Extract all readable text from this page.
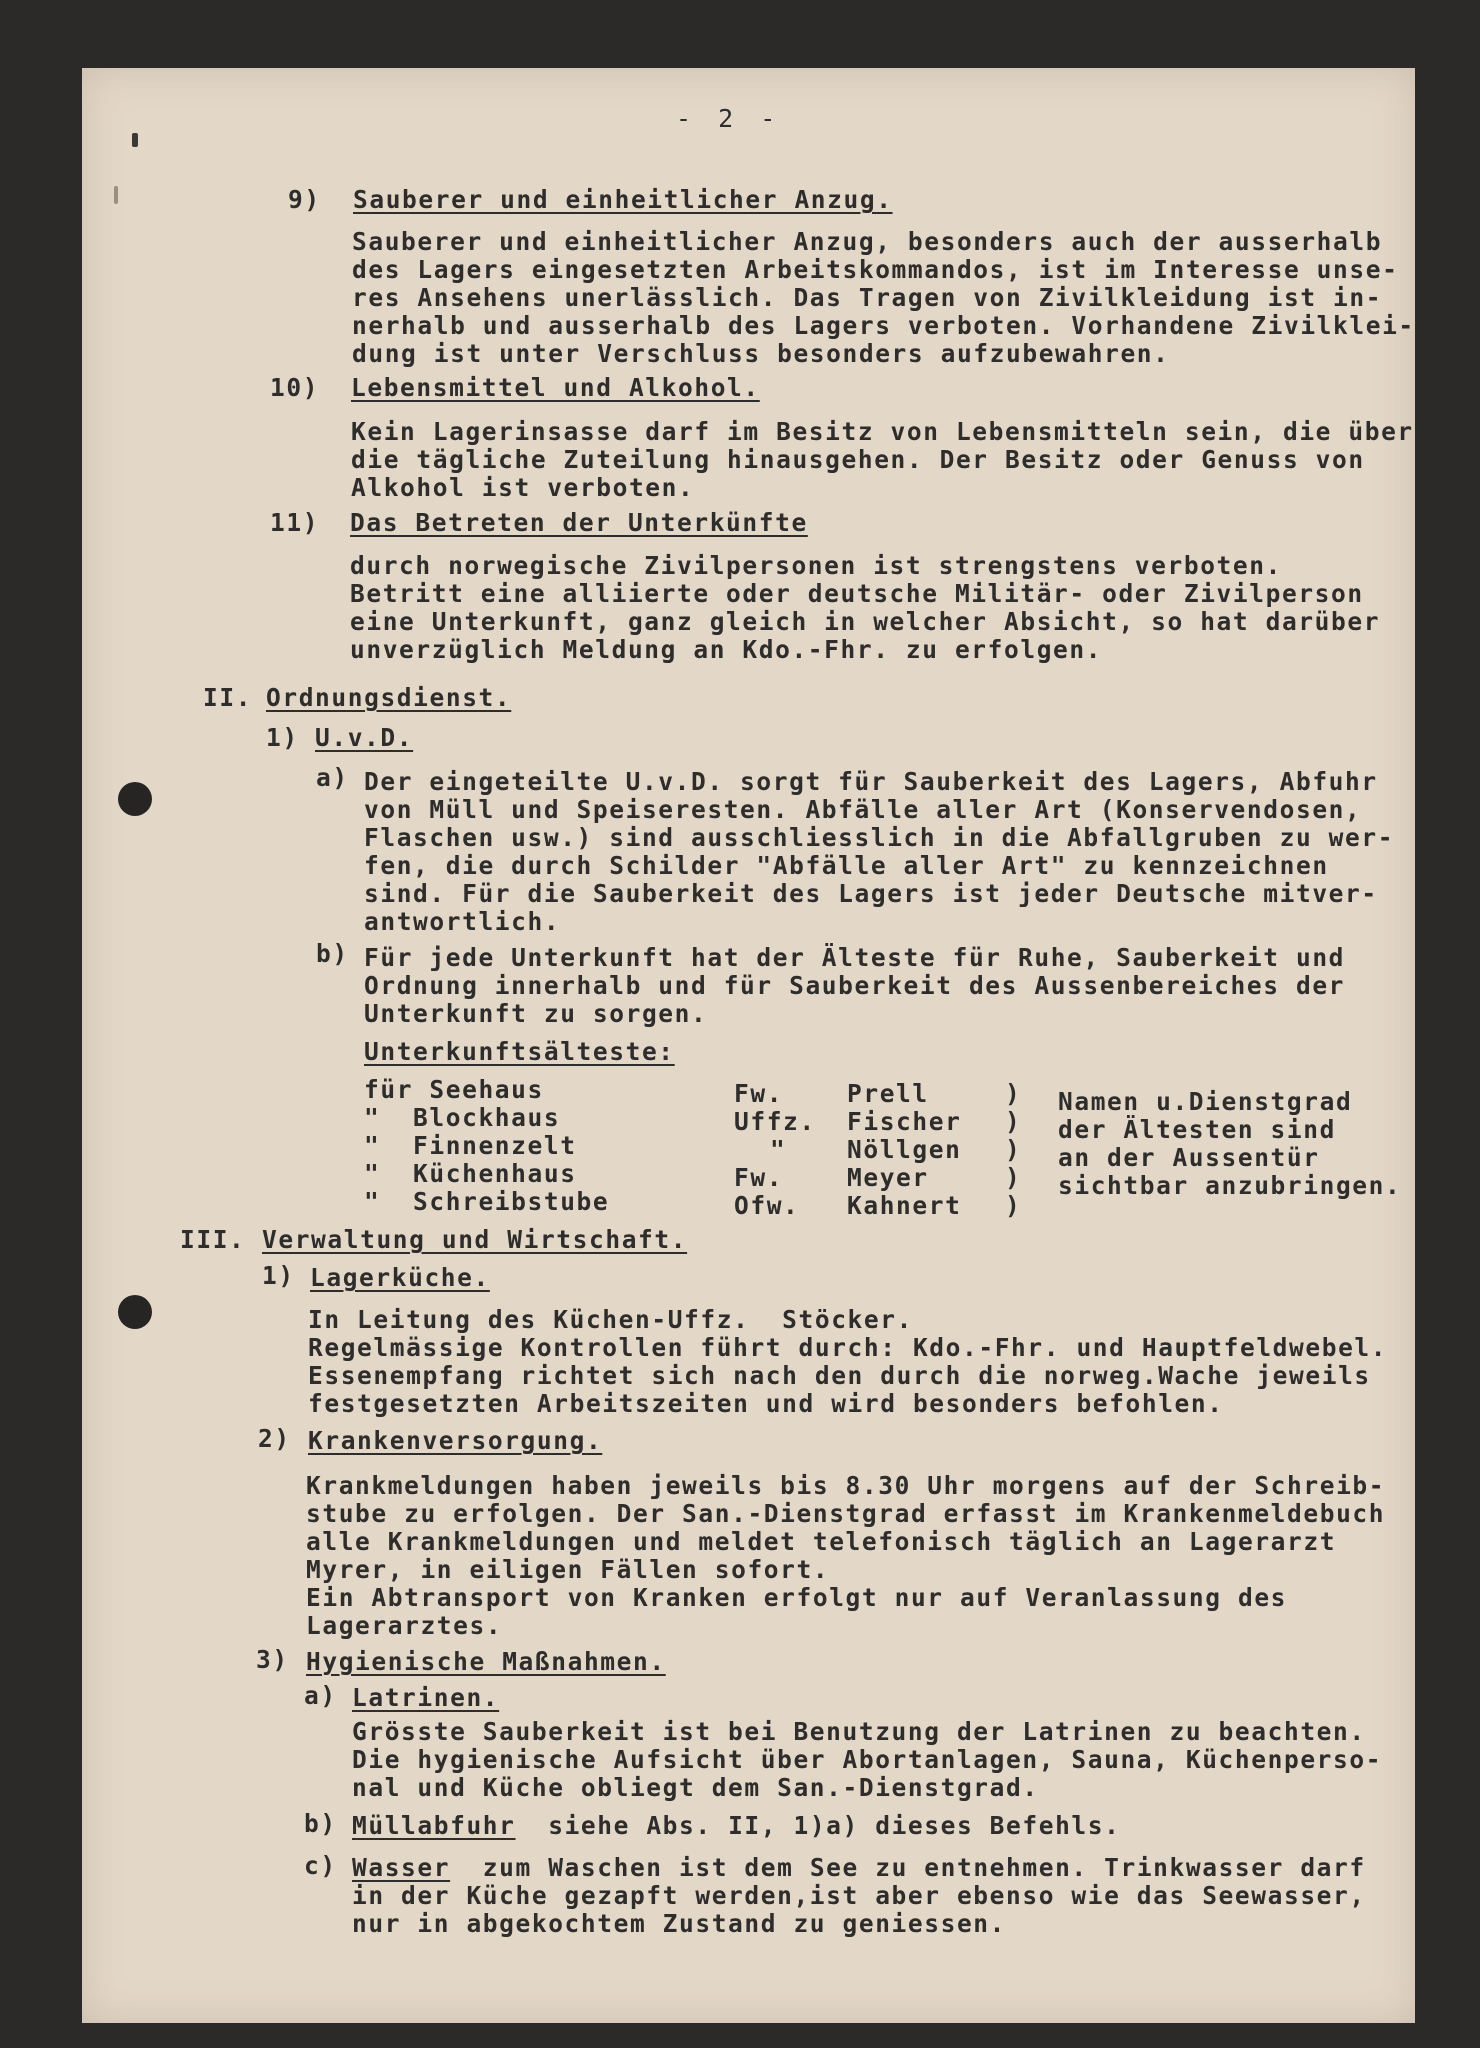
- 2 -
9) Sauberer und einheitlicher Anzug.
Sauberer und einheitlicher Anzug, besonders auch der ausserhalb
des Lagers eingesetzten Arbeitskommandos, ist im Interesse unse-
res Ansehens unerlässlich. Das Tragen von Zivilkleidung ist in-
nerhalb und ausserhalb des Lagers verboten. Vorhandene Zivilklei-
dung ist unter Verschluss besonders aufzubewahren.
10) Lebensmittel und Alkohol.
Kein Lagerinsasse darf im Besitz von Lebensmitteln sein, die über
die tägliche Zuteilung hinausgehen. Der Besitz oder Genuss von
Alkohol ist verboten.
11) Das Betreten der Unterkünfte
durch norwegische Zivilpersonen ist strengstens verboten.
Betritt eine alliierte oder deutsche Militär- oder Zivilperson
eine Unterkunft, ganz gleich in welcher Absicht, so hat darüber
unverzüglich Meldung an Kdo.-Fhr. zu erfolgen.
II. Ordnungsdienst.
1) U.v.D.
a) Der eingeteilte U.v.D. sorgt für Sauberkeit des Lagers, Abfuhr
von Müll und Speiseresten. Abfälle aller Art (Konservendosen,
Flaschen usw.) sind ausschliesslich in die Abfallgruben zu wer-
fen, die durch Schilder "Abfälle aller Art" zu kennzeichnen
sind. Für die Sauberkeit des Lagers ist jeder Deutsche mitver-
antwortlich.
b) Für jede Unterkunft hat der Älteste für Ruhe, Sauberkeit und
Ordnung innerhalb und für Sauberkeit des Aussenbereiches der
Unterkunft zu sorgen.
Unterkunftsälteste:
für Seehaus	Fw.	Prell	)
"  Blockhaus	Uffz. Fischer )
"  Finnenzelt	" Nöllgen )
"  Küchenhaus	Fw.	Meyer	)
"  Schreibstube	Ofw. Kahnert )
Namen u.Dienstgrad
der Ältesten sind
an der Aussentür
sichtbar anzubringen.
III. Verwaltung und Wirtschaft.
1) Lagerküche.
In Leitung des Küchen-Uffz.  Stöcker.
Regelmässige Kontrollen führt durch: Kdo.-Fhr. und Hauptfeldwebel.
Essenempfang richtet sich nach den durch die norweg.Wache jeweils
festgesetzten Arbeitszeiten und wird besonders befohlen.
2) Krankenversorgung.
Krankmeldungen haben jeweils bis 8.30 Uhr morgens auf der Schreib-
stube zu erfolgen. Der San.-Dienstgrad erfasst im Krankenmeldebuch
alle Krankmeldungen und meldet telefonisch täglich an Lagerarzt
Myrer, in eiligen Fällen sofort.
Ein Abtransport von Kranken erfolgt nur auf Veranlassung des
Lagerarztes.
3) Hygienische Maßnahmen.
a) Latrinen.
Grösste Sauberkeit ist bei Benutzung der Latrinen zu beachten.
Die hygienische Aufsicht über Abortanlagen, Sauna, Küchenperso-
nal und Küche obliegt dem San.-Dienstgrad.
b) Müllabfuhr  siehe Abs. II, 1)a) dieses Befehls.
c) Wasser  zum Waschen ist dem See zu entnehmen. Trinkwasser darf
in der Küche gezapft werden,ist aber ebenso wie das Seewasser,
nur in abgekochtem Zustand zu geniessen.
